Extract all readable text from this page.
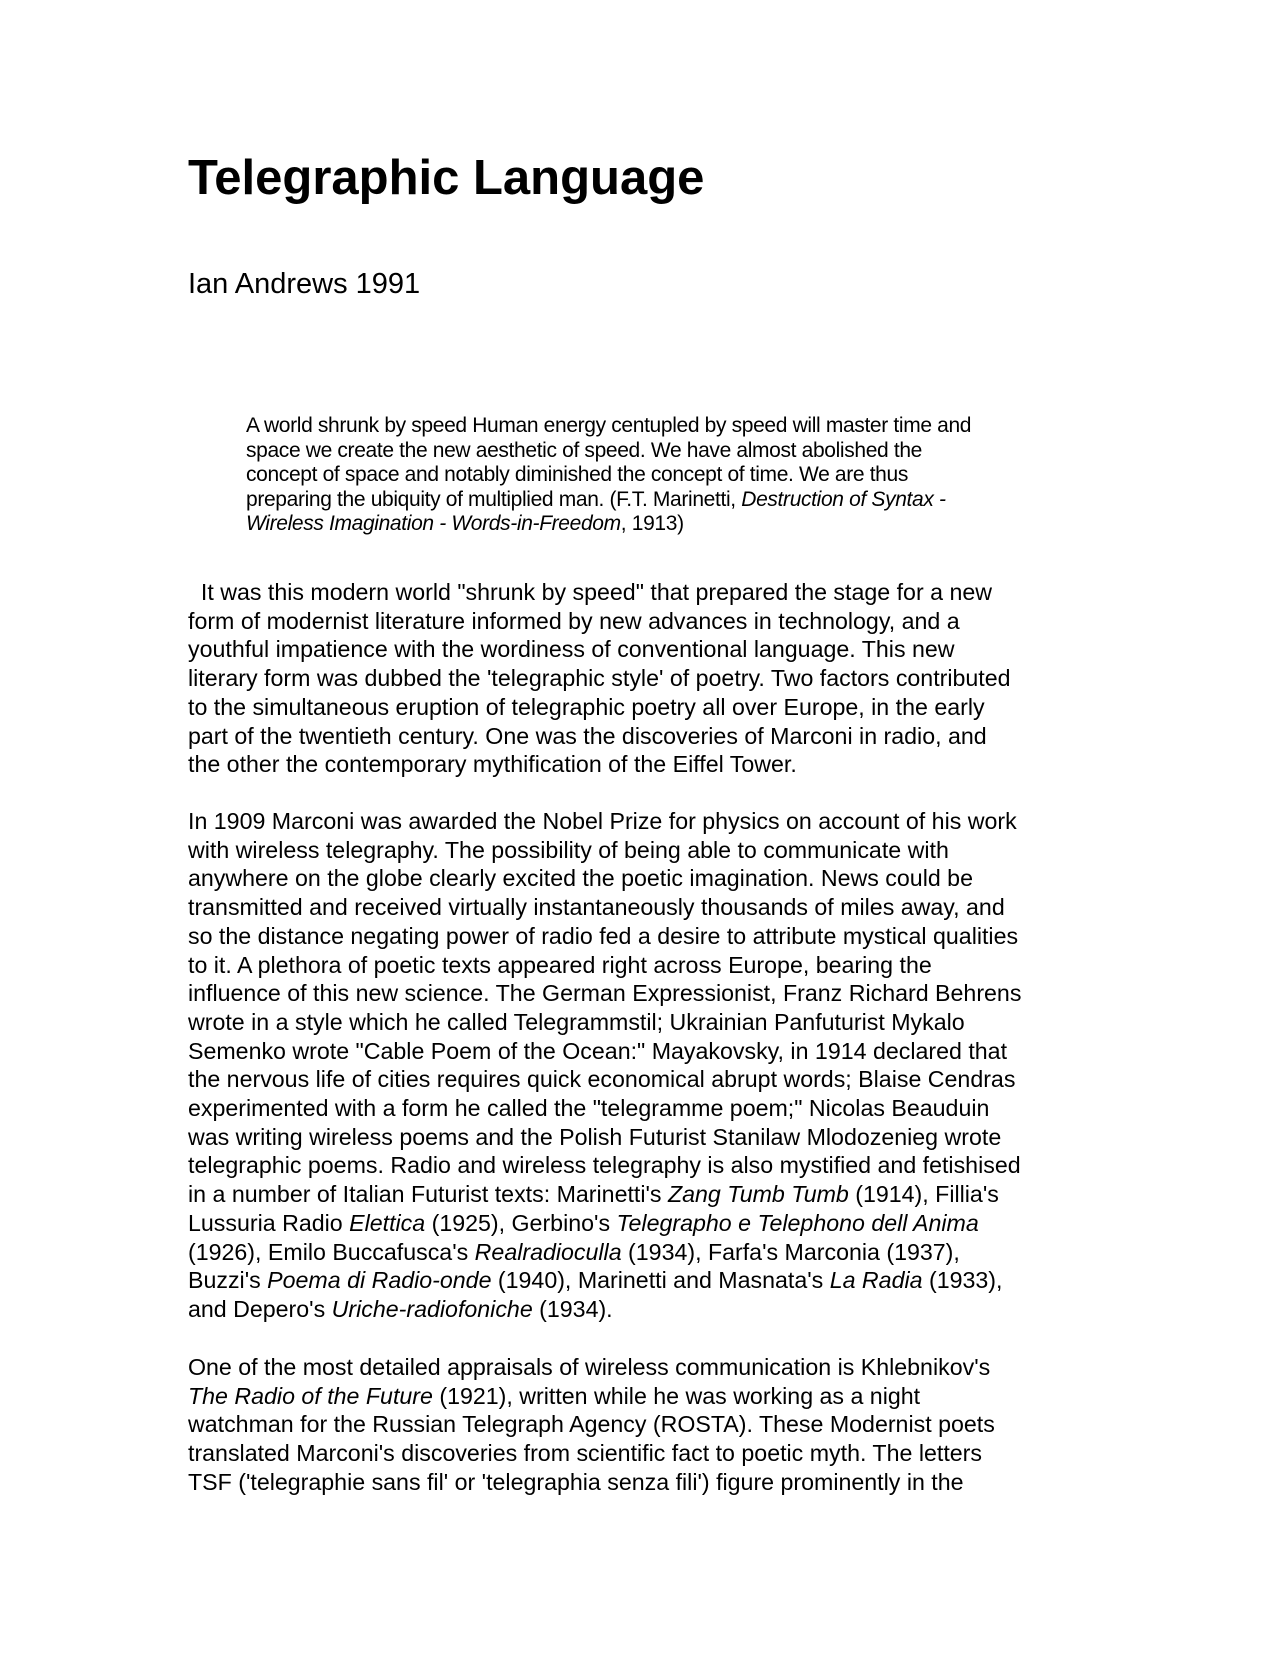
Telegraphic Language

Ian Andrews 1991

A world shrunk by speed Human energy centupled by speed will master time and
space we create the new aesthetic of speed. We have almost abolished the
concept of space and notably diminished the concept of time. We are thus
preparing the ubiquity of multiplied man. (F.T. Marinetti, Destruction of Syntax -
Wireless Imagination - Words-in-Freedom, 1913)

It was this modern world "shrunk by speed" that prepared the stage for a new
form of modernist literature informed by new advances in technology, and a
youthful impatience with the wordiness of conventional language. This new
literary form was dubbed the 'telegraphic style' of poetry. Two factors contributed
to the simultaneous eruption of telegraphic poetry all over Europe, in the early
part of the twentieth century. One was the discoveries of Marconi in radio, and
the other the contemporary mythification of the Eiffel Tower.

In 1909 Marconi was awarded the Nobel Prize for physics on account of his work
with wireless telegraphy. The possibility of being able to communicate with
anywhere on the globe clearly excited the poetic imagination. News could be
transmitted and received virtually instantaneously thousands of miles away, and
so the distance negating power of radio fed a desire to attribute mystical qualities
to it. A plethora of poetic texts appeared right across Europe, bearing the
influence of this new science. The German Expressionist, Franz Richard Behrens
wrote in a style which he called Telegrammstil; Ukrainian Panfuturist Mykalo
Semenko wrote "Cable Poem of the Ocean:" Mayakovsky, in 1914 declared that
the nervous life of cities requires quick economical abrupt words; Blaise Cendras
experimented with a form he called the "telegramme poem;" Nicolas Beauduin
was writing wireless poems and the Polish Futurist Stanilaw Mlodozenieg wrote
telegraphic poems. Radio and wireless telegraphy is also mystified and fetishised
in a number of Italian Futurist texts: Marinetti's Zang Tumb Tumb (1914), Fillia's
Lussuria Radio Elettica (1925), Gerbino's Telegrapho e Telephono dell Anima
(1926), Emilo Buccafusca's Realradioculla (1934), Farfa's Marconia (1937),
Buzzi's Poema di Radio-onde (1940), Marinetti and Masnata's La Radia (1933),
and Depero's Uriche-radiofoniche (1934).

One of the most detailed appraisals of wireless communication is Khlebnikov's
The Radio of the Future (1921), written while he was working as a night
watchman for the Russian Telegraph Agency (ROSTA). These Modernist poets
translated Marconi's discoveries from scientific fact to poetic myth. The letters
TSF ('telegraphie sans fil' or 'telegraphia senza fili') figure prominently in the
